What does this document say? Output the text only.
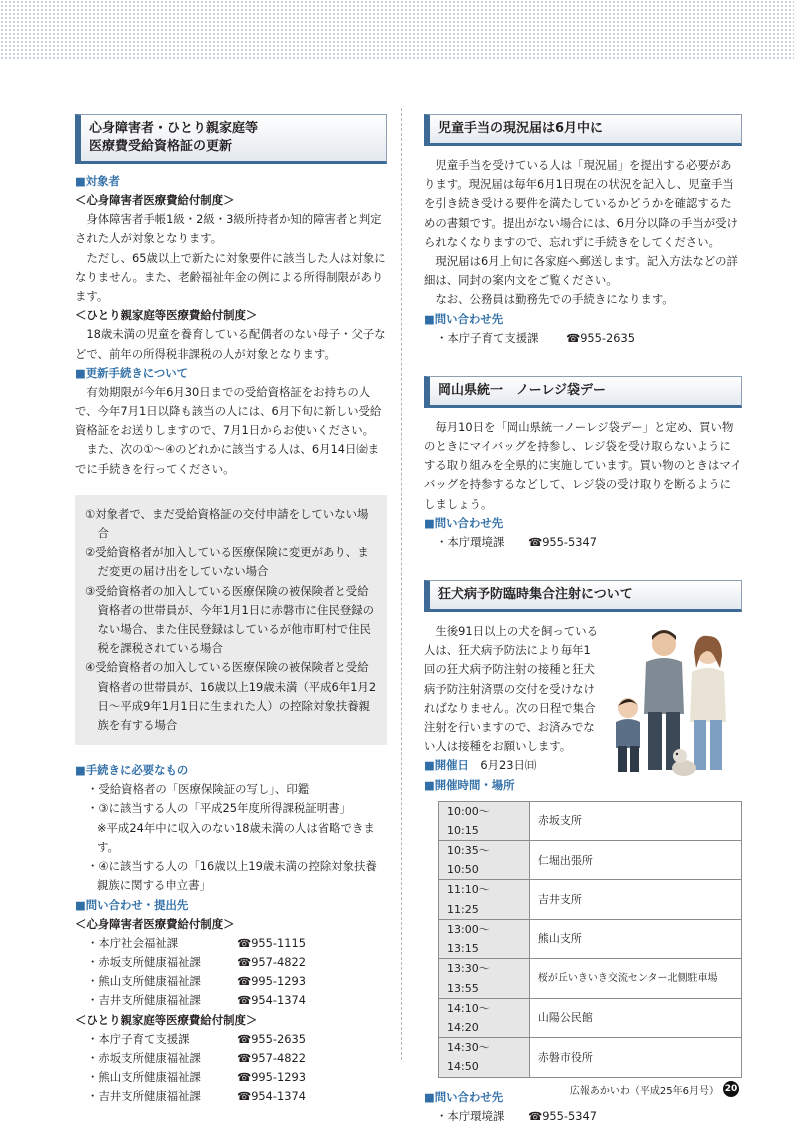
心身障害者・ひとり親家庭等
医療費受給資格証の更新
■ 対象者
＜心身障害者医療費給付制度＞

身体障害者手帳1級・2級・3級所持者か知的障害者と判定された人が対象となります。

ただし、65歳以上で新たに対象要件に該当した人は対象になりません。また、老齢福祉年金の例による所得制限があります。

＜ひとり親家庭等医療費給付制度＞

18歳未満の児童を養育している配偶者のない母子・父子などで、前年の所得税非課税の人が対象となります。

■ 更新手続きについて

有効期限が今年6月30日までの受給資格証をお持ちの人で、今年7月1日以降も該当の人には、6月下旬に新しい受給資格証をお送りしますので、7月1日からお使いください。

また、次の①～④のどれかに該当する人は、6月14日㈮までに手続きを行ってください。

①対象者で、まだ受給資格証の交付申請をしていない場合
②受給資格者が加入している医療保険に変更があり、まだ変更の届け出をしていない場合
③受給資格者の加入している医療保険の被保険者と受給資格者の世帯員が、今年1月1日に赤磐市に住民登録のない場合、また住民登録はしているが他市町村で住民税を課税されている場合
④受給資格者の加入している医療保険の被保険者と受給資格者の世帯員が、16歳以上19歳未満（平成6年1月2日～平成9年1月1日に生まれた人）の控除対象扶養親族を有する場合
■ 手続きに必要なもの
・受給資格者の「医療保険証の写し」、印鑑
・③に該当する人の「平成25年度所得課税証明書」
※平成24年中に収入のない18歳未満の人は省略できます。
・④に該当する人の「16歳以上19歳未満の控除対象扶養親族に関する申立書」
■ 問い合わせ・提出先
＜心身障害者医療費給付制度＞
・本庁社会福祉課	☎955-1115
・赤坂支所健康福祉課	☎957-4822
・熊山支所健康福祉課	☎995-1293
・吉井支所健康福祉課	☎954-1374
＜ひとり親家庭等医療費給付制度＞
・本庁子育て支援課	☎955-2635
・赤坂支所健康福祉課	☎957-4822
・熊山支所健康福祉課	☎995-1293
・吉井支所健康福祉課	☎954-1374
児童手当の現況届は6月中に

児童手当を受けている人は「現況届」を提出する必要があります。現況届は毎年6月1日現在の状況を記入し、児童手当を引き続き受ける要件を満たしているかどうかを確認するための書類です。提出がない場合には、6月分以降の手当が受けられなくなりますので、忘れずに手続きをしてください。

現況届は6月上旬に各家庭へ郵送します。記入方法などの詳細は、同封の案内文をご覧ください。

なお、公務員は勤務先での手続きになります。

■ 問い合わせ先
・本庁子育て支援課	☎955-2635
岡山県統一　ノーレジ袋デー

毎月10日を「岡山県統一ノーレジ袋デー」と定め、買い物のときにマイバッグを持参し、レジ袋を受け取らないようにする取り組みを全県的に実施しています。買い物のときはマイバッグを持参するなどして、レジ袋の受け取りを断るようにしましょう。

■ 問い合わせ先
・本庁環境課	☎955-5347
狂犬病予防臨時集合注射について

生後91日以上の犬を飼っている人は、狂犬病予防法により毎年1回の狂犬病予防注射の接種と狂犬病予防注射済票の交付を受けなければなりません。次の日程で集合注射を行いますので、お済みでない人は接種をお願いします。

■ 開催日　 6月23日㈰
■ 開催時間・場所
10:00～10:15	赤坂支所
10:35～10:50	仁堀出張所
11:10～11:25	吉井支所
13:00～13:15	熊山支所
13:30～13:55	桜が丘いきいき交流センター北側駐車場
14:10～14:20	山陽公民館
14:30～14:50	赤磐市役所
■ 問い合わせ先
・本庁環境課	☎955-5347
広報あかいわ（平成25年6月号） 20
